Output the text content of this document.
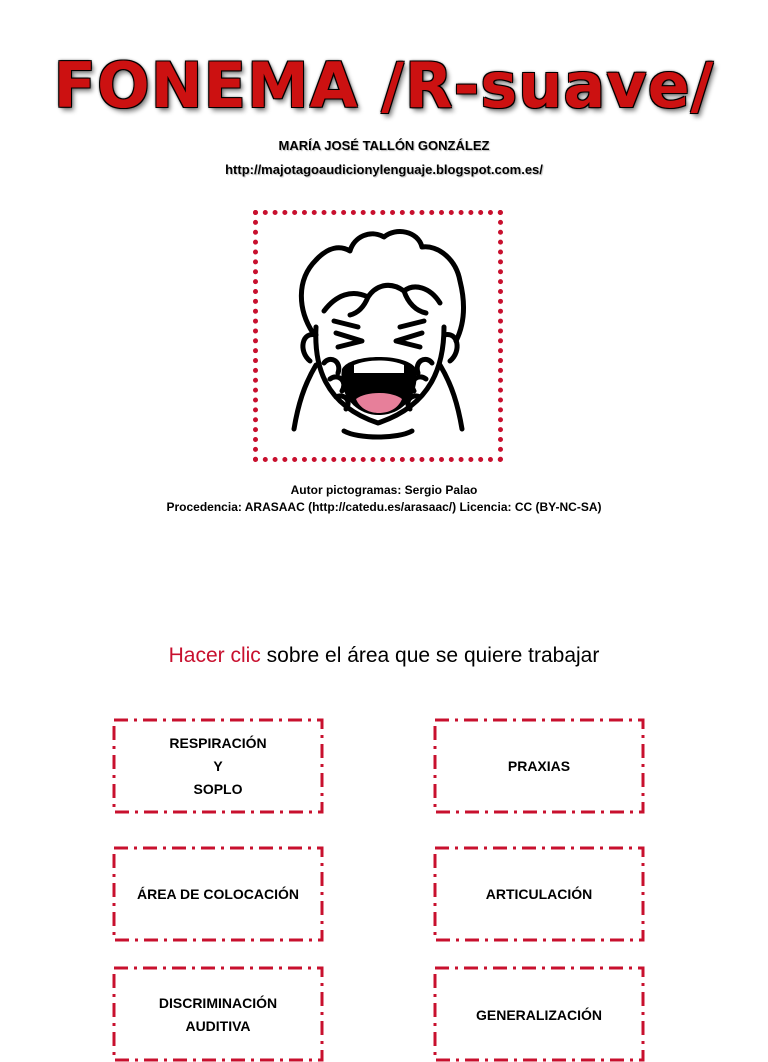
FONEMA /R-suave/
MARÍA JOSÉ TALLÓN GONZÁLEZ
http://majotagoaudicionylenguaje.blogspot.com.es/
Autor pictogramas: Sergio Palao
Procedencia: ARASAAC (http://catedu.es/arasaac/) Licencia: CC (BY-NC-SA)
Hacer clic sobre el área que se quiere trabajar
RESPIRACIÓN
Y
SOPLO
PRAXIAS
ÁREA DE COLOCACIÓN	ARTICULACIÓN
DISCRIMINACIÓN
AUDITIVA
GENERALIZACIÓN
